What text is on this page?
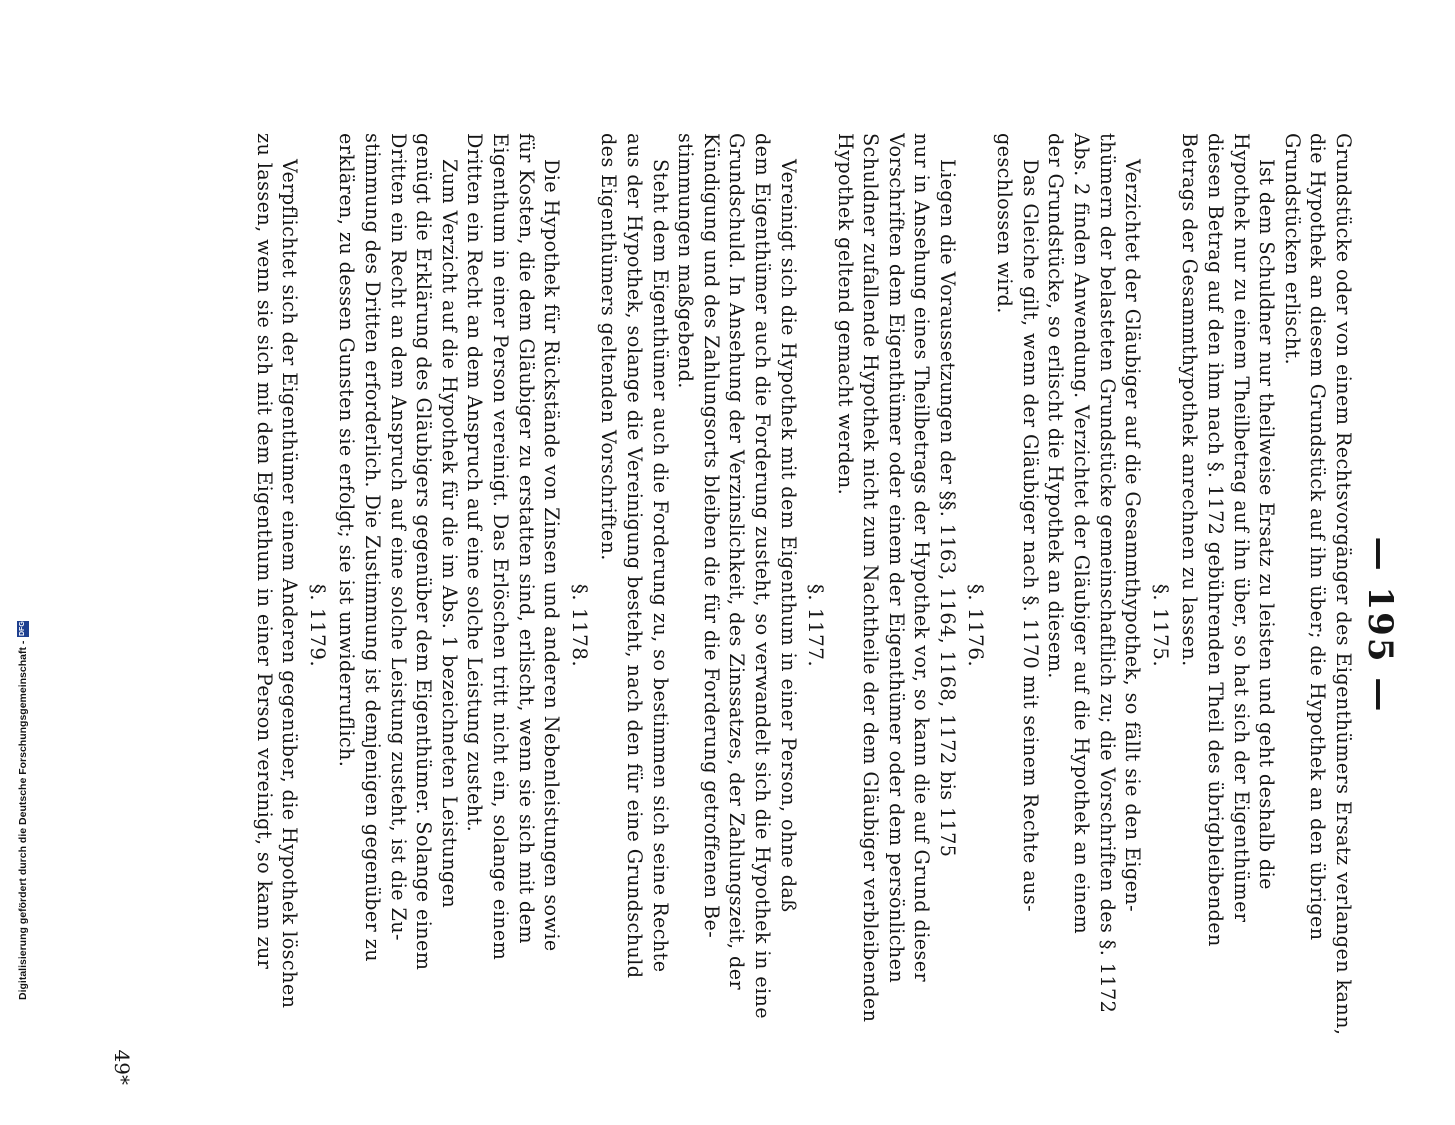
— 195 —
Grundstücke oder von einem Rechtsvorgänger des Eigenthümers Ersatz verlangen kann,
die Hypothek an diesem Grundstück auf ihn über; die Hypothek an den übrigen
Grundstücken erlischt.
Ist dem Schuldner nur theilweise Ersatz zu leisten und geht deshalb die
Hypothek nur zu einem Theilbetrag auf ihn über, so hat sich der Eigenthümer
diesen Betrag auf den ihm nach §. 1172 gebührenden Theil des übrigbleibenden
Betrags der Gesammthypothek anrechnen zu lassen.
§. 1175.
Verzichtet der Gläubiger auf die Gesammthypothek, so fällt sie den Eigen-
thümern der belasteten Grundstücke gemeinschaftlich zu; die Vorschriften des §. 1172
Abs. 2 finden Anwendung. Verzichtet der Gläubiger auf die Hypothek an einem
der Grundstücke, so erlischt die Hypothek an diesem.
Das Gleiche gilt, wenn der Gläubiger nach §. 1170 mit seinem Rechte aus-
geschlossen wird.
§. 1176.
Liegen die Voraussetzungen der §§. 1163, 1164, 1168, 1172 bis 1175
nur in Ansehung eines Theilbetrags der Hypothek vor, so kann die auf Grund dieser
Vorschriften dem Eigenthümer oder einem der Eigenthümer oder dem persönlichen
Schuldner zufallende Hypothek nicht zum Nachtheile der dem Gläubiger verbleibenden
Hypothek geltend gemacht werden.
§. 1177.
Vereinigt sich die Hypothek mit dem Eigenthum in einer Person, ohne daß
dem Eigenthümer auch die Forderung zusteht, so verwandelt sich die Hypothek in eine
Grundschuld. In Ansehung der Verzinslichkeit, des Zinssatzes, der Zahlungszeit, der
Kündigung und des Zahlungsorts bleiben die für die Forderung getroffenen Be-
stimmungen maßgebend.
Steht dem Eigenthümer auch die Forderung zu, so bestimmen sich seine Rechte
aus der Hypothek, solange die Vereinigung besteht, nach den für eine Grundschuld
des Eigenthümers geltenden Vorschriften.
§. 1178.
Die Hypothek für Rückstände von Zinsen und anderen Nebenleistungen sowie
für Kosten, die dem Gläubiger zu erstatten sind, erlischt, wenn sie sich mit dem
Eigenthum in einer Person vereinigt. Das Erlöschen tritt nicht ein, solange einem
Dritten ein Recht an dem Anspruch auf eine solche Leistung zusteht.
Zum Verzicht auf die Hypothek für die im Abs. 1 bezeichneten Leistungen
genügt die Erklärung des Gläubigers gegenüber dem Eigenthümer. Solange einem
Dritten ein Recht an dem Anspruch auf eine solche Leistung zusteht, ist die Zu-
stimmung des Dritten erforderlich. Die Zustimmung ist demjenigen gegenüber zu
erklären, zu dessen Gunsten sie erfolgt; sie ist unwiderruflich.
§. 1179.
Verpflichtet sich der Eigenthümer einem Anderen gegenüber, die Hypothek löschen
zu lassen, wenn sie sich mit dem Eigenthum in einer Person vereinigt, so kann zur
49*
Digitalisierung gefördert durch die Deutsche Forschungsgemeinschaft -
DFG
